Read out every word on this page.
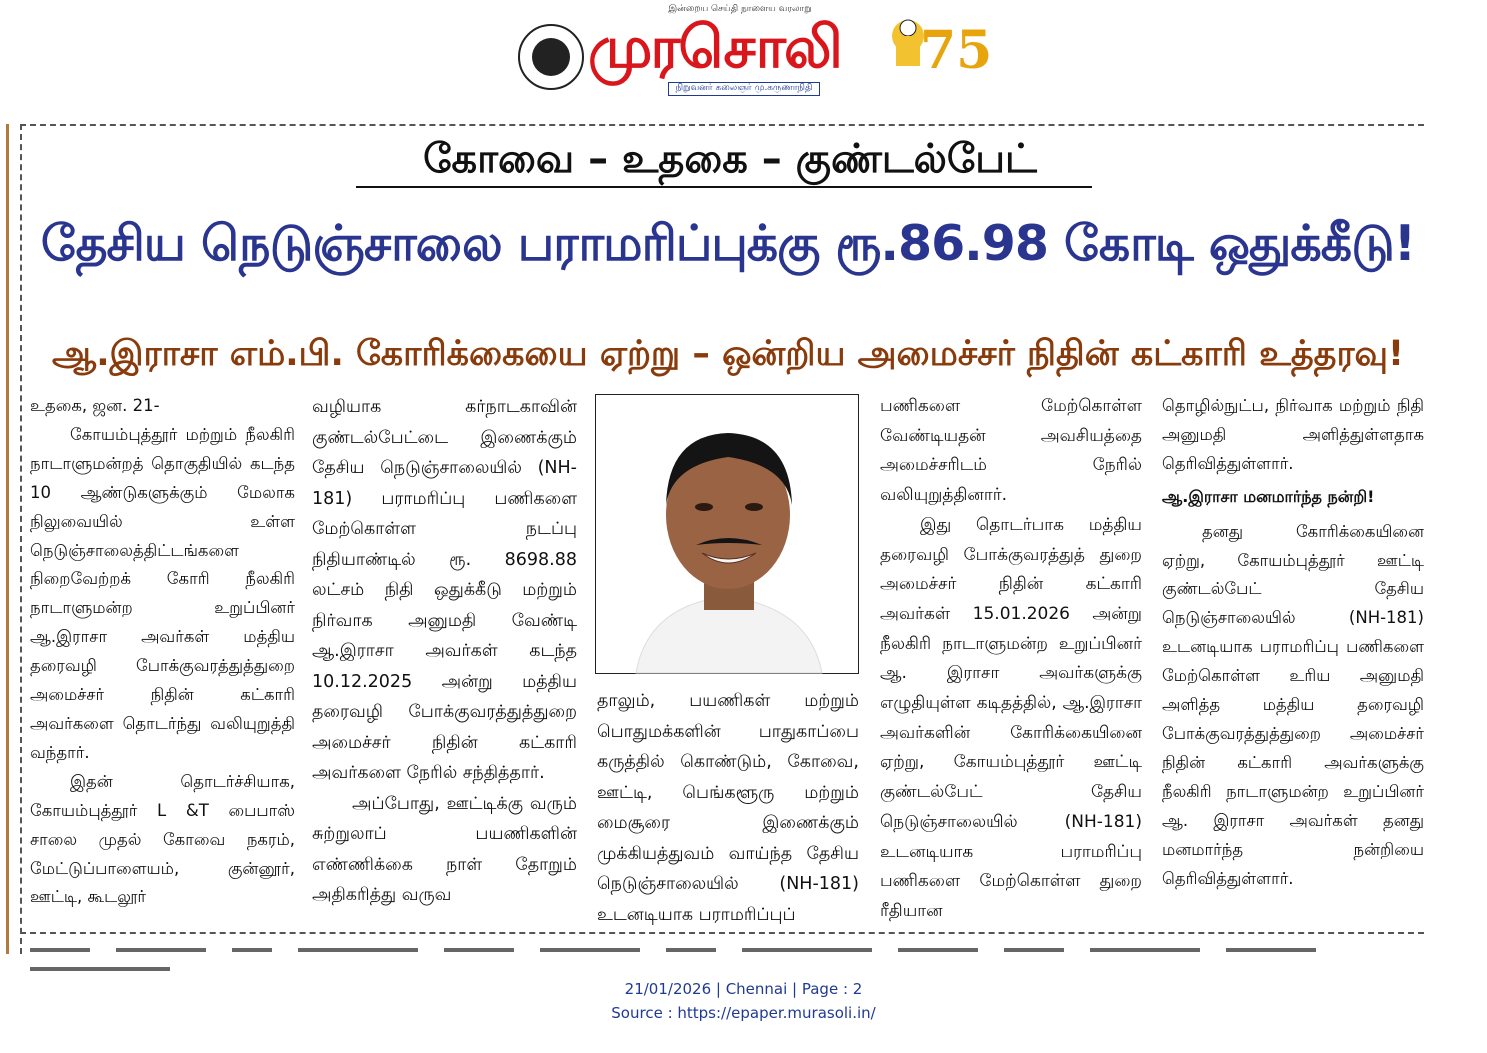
இன்றைய செய்தி நாளைய வரலாறு
முரசொலி
நிறுவனர் கலைஞர் மு.கருணாநிதி
75
கோவை – உதகை – குண்டல்பேட்
தேசிய நெடுஞ்சாலை பராமரிப்புக்கு ரூ.86.98 கோடி ஒதுக்கீடு!
ஆ.இராசா எம்.பி. கோரிக்கையை ஏற்று – ஒன்றிய அமைச்சர் நிதின் கட்காரி உத்தரவு!

உதகை, ஜன. 21-

கோயம்புத்தூர் மற்றும் நீலகிரி நாடாளுமன்றத் தொகுதியில் கடந்த 10 ஆண்டுகளுக்கும் மேலாக நிலுவையில் உள்ள நெடுஞ்சாலைத்திட்டங்களை நிறைவேற்றக் கோரி நீலகிரி நாடாளுமன்ற உறுப்பினர் ஆ.இராசா அவர்கள் மத்திய தரைவழி போக்குவரத்துத்துறை அமைச்சர் நிதின் கட்காரி அவர்களை தொடர்ந்து வலியுறுத்தி வந்தார்.

இதன் தொடர்ச்சியாக, கோயம்புத்தூர் L &T பைபாஸ் சாலை முதல் கோவை நகரம், மேட்டுப்பாளையம், குன்னூர், ஊட்டி, கூடலூர்

வழியாக கர்நாடகாவின் குண்டல்பேட்டை இணைக்கும் தேசிய நெடுஞ்சாலையில் (NH-181) பராமரிப்பு பணிகளை மேற்கொள்ள நடப்பு நிதியாண்டில் ரூ. 8698.88 லட்சம் நிதி ஒதுக்கீடு மற்றும் நிர்வாக அனுமதி வேண்டி ஆ.இராசா அவர்கள் கடந்த 10.12.2025 அன்று மத்திய தரைவழி போக்குவரத்துத்துறை அமைச்சர் நிதின் கட்காரி அவர்களை நேரில் சந்தித்தார்.

அப்போது, ஊட்டிக்கு வரும் சுற்றுலாப் பயணிகளின் எண்ணிக்கை நாள் தோறும் அதிகரித்து வருவ

தாலும், பயணிகள் மற்றும் பொதுமக்களின் பாதுகாப்பை கருத்தில் கொண்டும், கோவை, ஊட்டி, பெங்களூரு மற்றும் மைசூரை இணைக்கும் முக்கியத்துவம் வாய்ந்த தேசிய நெடுஞ்சாலையில் (NH-181) உடனடியாக பராமரிப்புப்

பணிகளை மேற்கொள்ள வேண்டியதன் அவசியத்தை அமைச்சரிடம் நேரில் வலியுறுத்தினார்.

இது தொடர்பாக மத்திய தரைவழி போக்குவரத்துத் துறை அமைச்சர் நிதின் கட்காரி அவர்கள் 15.01.2026 அன்று நீலகிரி நாடாளுமன்ற உறுப்பினர் ஆ. இராசா அவர்களுக்கு எழுதியுள்ள கடிதத்தில், ஆ.இராசா அவர்களின் கோரிக்கையினை ஏற்று, கோயம்புத்தூர் ஊட்டி குண்டல்பேட் தேசிய நெடுஞ்சாலையில் (NH-181) உடனடியாக பராமரிப்பு பணிகளை மேற்கொள்ள துறை ரீதியான

தொழில்நுட்ப, நிர்வாக மற்றும் நிதி அனுமதி அளித்துள்ளதாக தெரிவித்துள்ளார்.

ஆ.இராசா மனமார்ந்த நன்றி!

தனது கோரிக்கையினை ஏற்று, கோயம்புத்தூர் ஊட்டி குண்டல்பேட் தேசிய நெடுஞ்சாலையில் (NH-181) உடனடியாக பராமரிப்பு பணிகளை மேற்கொள்ள உரிய அனுமதி அளித்த மத்திய தரைவழி போக்குவரத்துத்துறை அமைச்சர் நிதின் கட்காரி அவர்களுக்கு நீலகிரி நாடாளுமன்ற உறுப்பினர் ஆ. இராசா அவர்கள் தனது மனமார்ந்த நன்றியை தெரிவித்துள்ளார்.

21/01/2026 | Chennai | Page : 2
Source : https://epaper.murasoli.in/
